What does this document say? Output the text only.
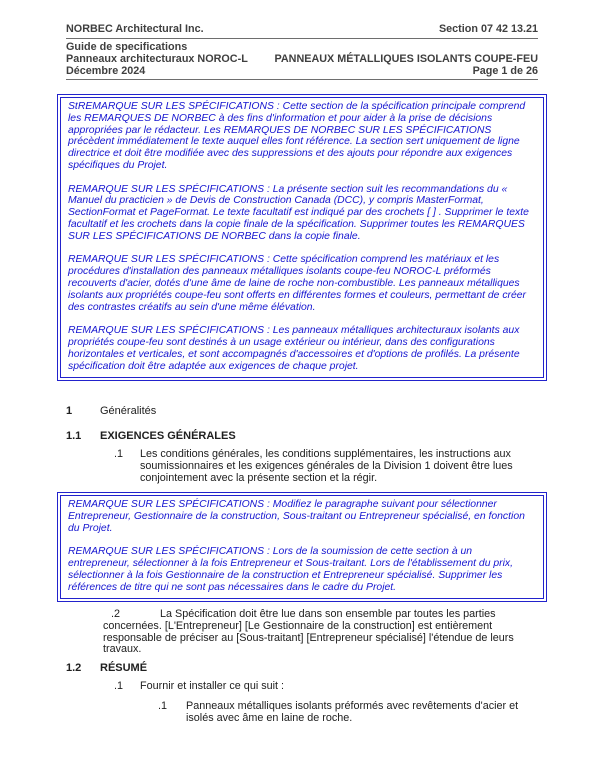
NORBEC Architectural Inc.	Section 07 42 13.21
Guide de specifications
Panneaux architecturaux NOROC-L PANNEAUX MÉTALLIQUES ISOLANTS COUPE-FEU
Décembre 2024	Page 1 de 26

StREMARQUE SUR LES SPÉCIFICATIONS : Cette section de la spécification principale comprend les REMARQUES DE NORBEC à des fins d'information et pour aider à la prise de décisions appropriées par le rédacteur. Les REMARQUES DE NORBEC SUR LES SPÉCIFICATIONS précèdent immédiatement le texte auquel elles font référence. La section sert uniquement de ligne directrice et doit être modifiée avec des suppressions et des ajouts pour répondre aux exigences spécifiques du Projet.

REMARQUE SUR LES SPÉCIFICATIONS : La présente section suit les recommandations du « Manuel du practicien » de Devis de Construction Canada (DCC), y compris MasterFormat, SectionFormat et PageFormat. Le texte facultatif est indiqué par des crochets [ ] . Supprimer le texte facultatif et les crochets dans la copie finale de la spécification. Supprimer toutes les REMARQUES SUR LES SPÉCIFICATIONS DE NORBEC dans la copie finale.

REMARQUE SUR LES SPÉCIFICATIONS : Cette spécification comprend les matériaux et les procédures d'installation des panneaux métalliques isolants coupe-feu NOROC-L préformés recouverts d'acier, dotés d'une âme de laine de roche non-combustible. Les panneaux métalliques isolants aux propriétés coupe-feu sont offerts en différentes formes et couleurs, permettant de créer des contrastes créatifs au sein d'une même élévation.

REMARQUE SUR LES SPÉCIFICATIONS : Les panneaux métalliques architecturaux isolants aux propriétés coupe-feu sont destinés à un usage extérieur ou intérieur, dans des configurations horizontales et verticales, et sont accompagnés d'accessoires et d'options de profilés. La présente spécification doit être adaptée aux exigences de chaque projet.

1	Généralités
1.1 EXIGENCES GÉNÉRALES
.1	Les conditions générales, les conditions supplémentaires, les instructions aux soumissionnaires et les exigences générales de la Division 1 doivent être lues conjointement avec la présente section et la régir.

REMARQUE SUR LES SPÉCIFICATIONS : Modifiez le paragraphe suivant pour sélectionner Entrepreneur, Gestionnaire de la construction, Sous-traitant ou Entrepreneur spécialisé, en fonction du Projet.

REMARQUE SUR LES SPÉCIFICATIONS : Lors de la soumission de cette section à un entrepreneur, sélectionner à la fois Entrepreneur et Sous-traitant. Lors de l'établissement du prix, sélectionner à la fois Gestionnaire de la construction et Entrepreneur spécialisé. Supprimer les références de titre qui ne sont pas nécessaires dans le cadre du Projet.

.2	La Spécification doit être lue dans son ensemble par toutes les parties concernées. [L'Entrepreneur] [Le Gestionnaire de la construction] est entièrement responsable de préciser au [Sous-traitant] [Entrepreneur spécialisé] l'étendue de leurs travaux.

1.2 RÉSUMÉ
.1	Fournir et installer ce qui suit :
.1	Panneaux métalliques isolants préformés avec revêtements d'acier et isolés avec âme en laine de roche.
